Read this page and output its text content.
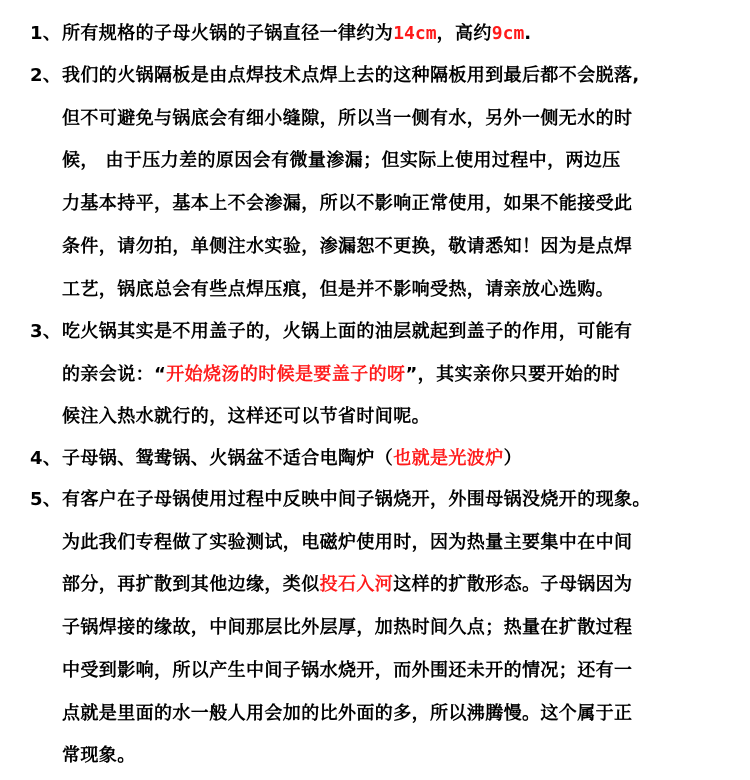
1、 所有规格的子母火锅的子锅直径一律约为14cm，高约9cm.
2、 我们的火锅隔板是由点焊技术点焊上去的这种隔板用到最后都不会脱落,
但不可避免与锅底会有细小缝隙，所以当一侧有水，另外一侧无水的时
候， 由于压力差的原因会有微量渗漏；但实际上使用过程中，两边压
力基本持平，基本上不会渗漏，所以不影响正常使用，如果不能接受此
条件，请勿拍，单侧注水实验，渗漏恕不更换，敬请悉知！因为是点焊
工艺，锅底总会有些点焊压痕，但是并不影响受热，请亲放心选购。
3、 吃火锅其实是不用盖子的，火锅上面的油层就起到盖子的作用，可能有
的亲会说：“开始烧汤的时候是要盖子的呀”，其实亲你只要开始的时
候注入热水就行的，这样还可以节省时间呢。
4、 子母锅、鸳鸯锅、火锅盆不适合电陶炉（也就是光波炉）
5、 有客户在子母锅使用过程中反映中间子锅烧开，外围母锅没烧开的现象。
为此我们专程做了实验测试，电磁炉使用时，因为热量主要集中在中间
部分，再扩散到其他边缘，类似投石入河这样的扩散形态。子母锅因为
子锅焊接的缘故，中间那层比外层厚，加热时间久点；热量在扩散过程
中受到影响，所以产生中间子锅水烧开，而外围还未开的情况；还有一
点就是里面的水一般人用会加的比外面的多，所以沸腾慢。这个属于正
常现象。
